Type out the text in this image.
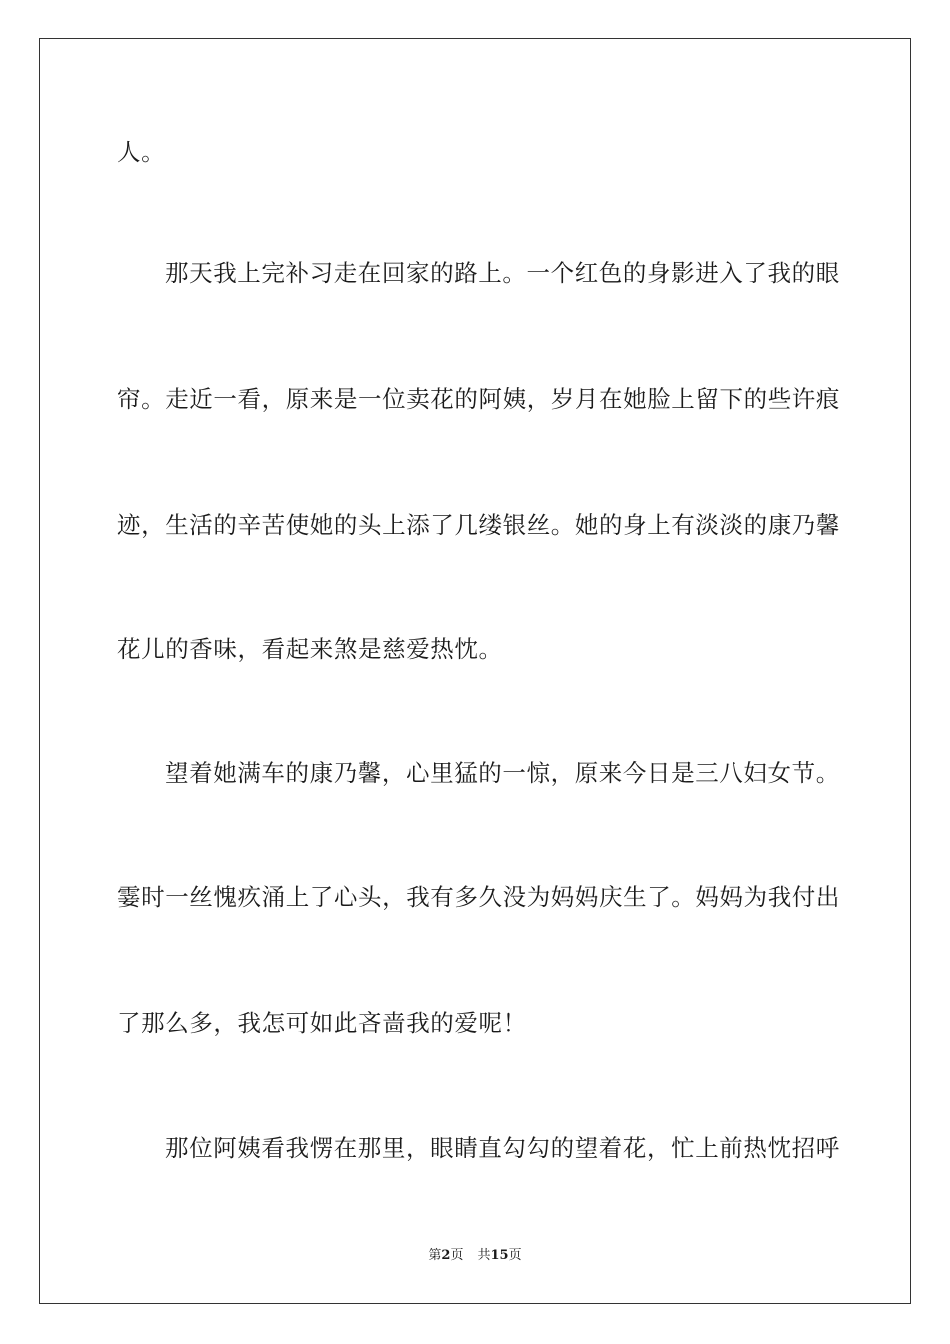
人。
那天我上完补习走在回家的路上。一个红色的身影进入了我的眼
帘。走近一看，原来是一位卖花的阿姨，岁月在她脸上留下的些许痕
迹，生活的辛苦使她的头上添了几缕银丝。她的身上有淡淡的康乃馨
花儿的香味，看起来煞是慈爱热忱。
望着她满车的康乃馨，心里猛的一惊，原来今日是三八妇女节。
霎时一丝愧疚涌上了心头，我有多久没为妈妈庆生了。妈妈为我付出
了那么多，我怎可如此吝啬我的爱呢！
那位阿姨看我愣在那里，眼睛直勾勾的望着花，忙上前热忱招呼
第2页 共15页
